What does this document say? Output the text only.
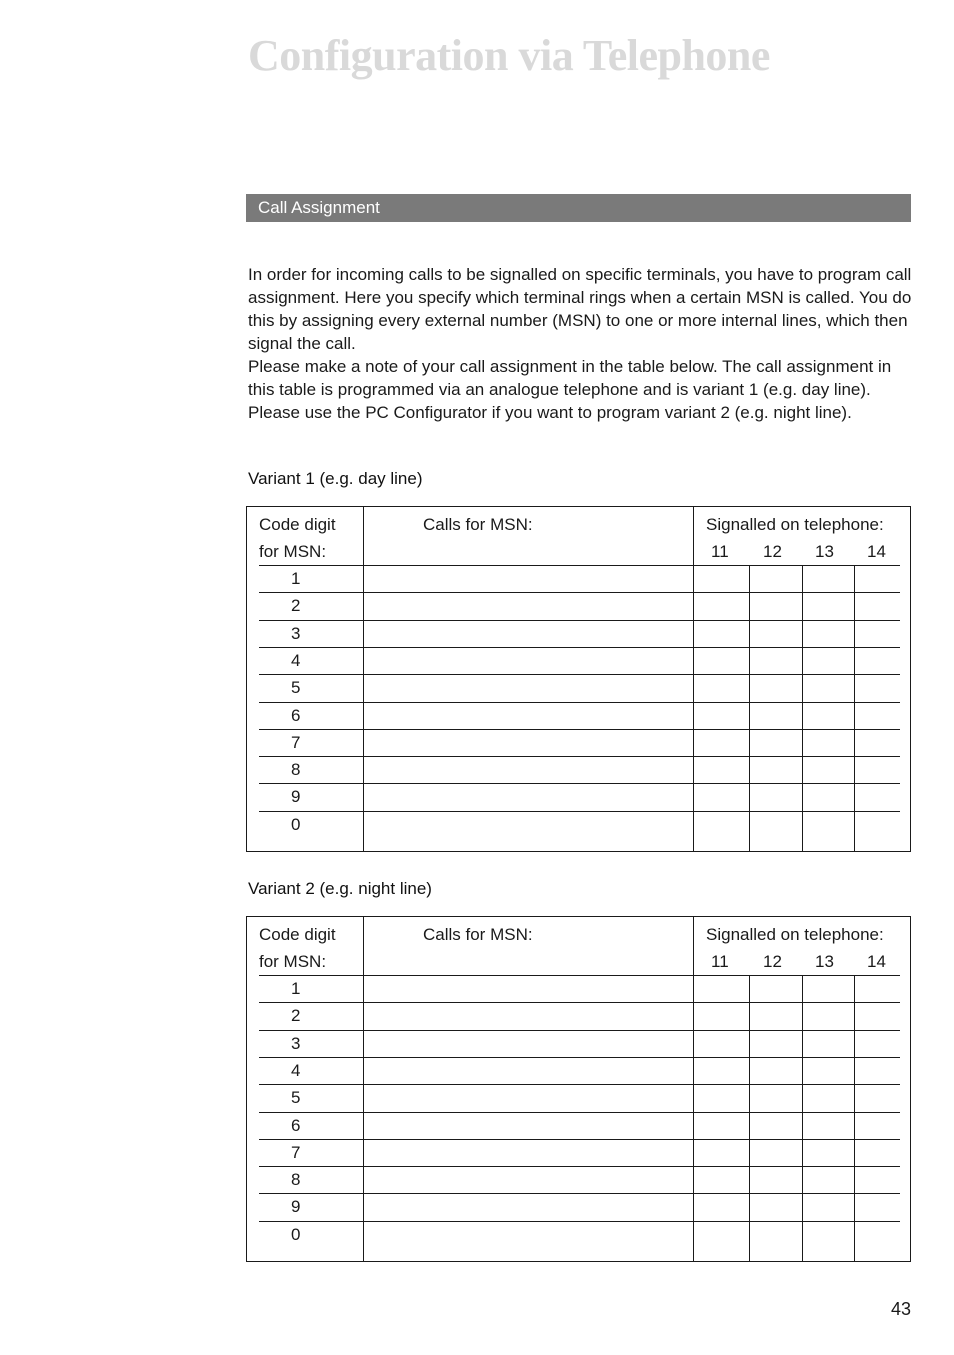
Configuration via Telephone
Call Assignment

In order for incoming calls to be signalled on specific terminals, you have to program call assignment. Here you specify which terminal rings when a certain MSN is called. You do this by assigning every external number (MSN) to one or more internal lines, which then signal the call.

Please make a note of your call assignment in the table below. The call assignment in this table is programmed via an analogue telephone and is variant 1 (e.g. day line). Please use the PC Configurator if you want to program variant 2 (e.g. night line).

Variant 1 (e.g. day line)
Code digit
for MSN:
Calls for MSN:	Signalled on telephone:
11 12 13 14
1
2
3
4
5
6
7
8
9
0
Variant 2 (e.g. night line)
Code digit
for MSN:
Calls for MSN:	Signalled on telephone:
11 12 13 14
1
2
3
4
5
6
7
8
9
0
43
